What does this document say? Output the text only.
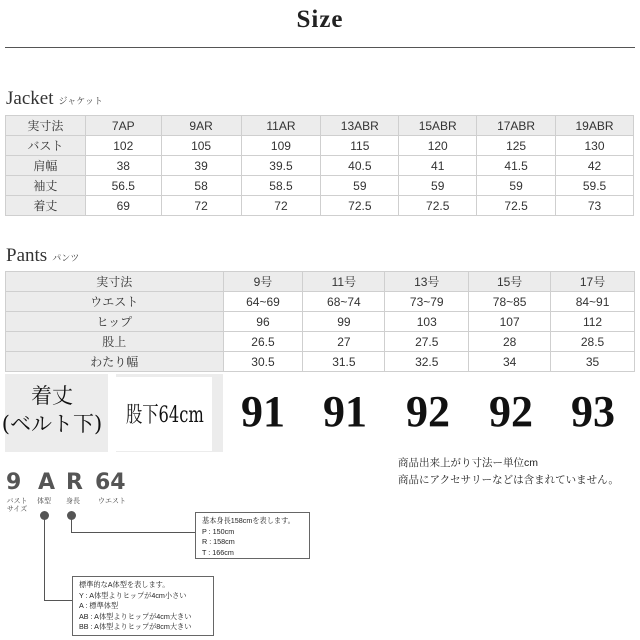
Size
Jacket ジャケット
実寸法	7AP	9AR	11AR	13ABR	15ABR	17ABR	19ABR
バスト	102	105	109	115	120	125	130
肩幅	38	39	39.5	40.5	41	41.5	42
袖丈	56.5	58	58.5	59	59	59	59.5
着丈	69	72	72	72.5	72.5	72.5	73
Pants パンツ
実寸法	9号	11号	13号	15号	17号
ウエスト	64~69	68~74	73~79	78~85	84~91
ヒップ	96	99	103	107	112
股上	26.5	27	27.5	28	28.5
わたり幅	30.5	31.5	32.5	34	35
着丈
(ベルト下) 股下64cm 91 91 92 92 93
商品出来上がり寸法ー単位cm
商品にアクセサリーなどは含まれていません。
9 A R 64
バスト
サイズ
体型 身長	ウエスト
基本身長158cmを表します。
P : 150cm
R : 158cm
T : 166cm
標準的なA体型を表します。
Y : A体型よりヒップが4cm小さい
A : 標準体型
AB : A体型よりヒップが4cm大きい
BB : A体型よりヒップが8cm大きい
